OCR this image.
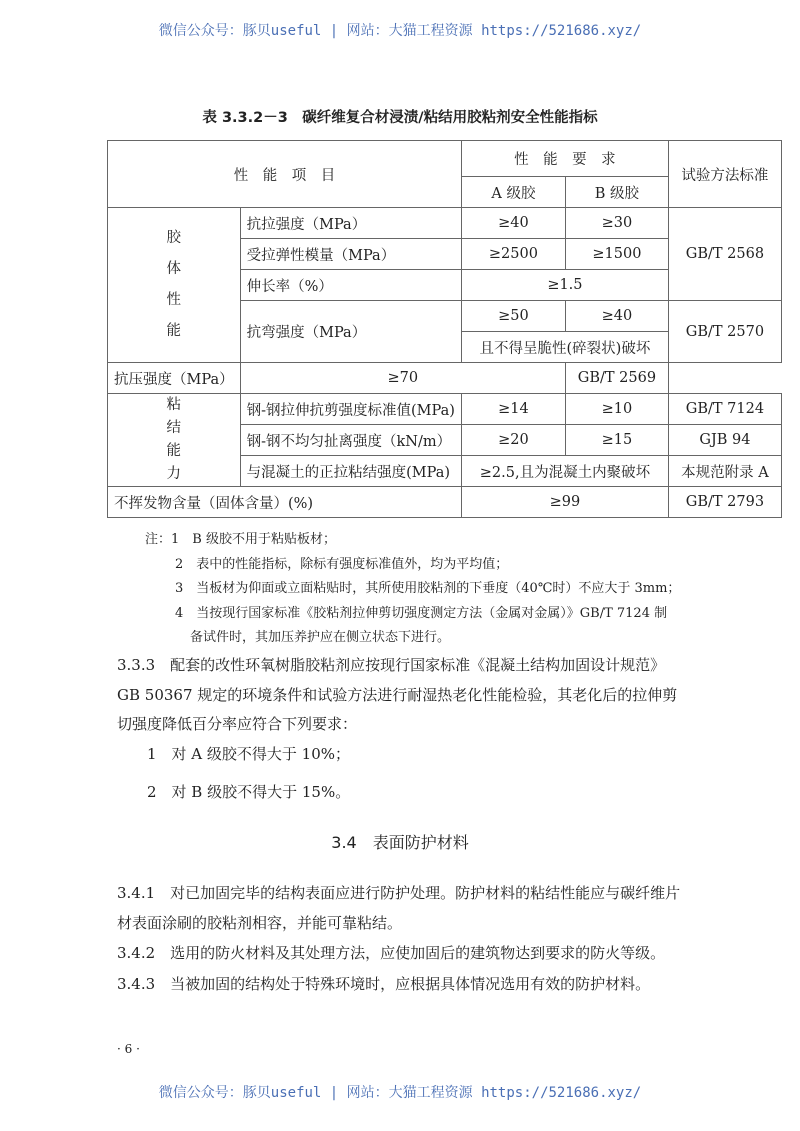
微信公众号：豚贝useful | 网站：大猫工程资源 https://521686.xyz/
表 3.3.2－3　碳纤维复合材浸渍/粘结用胶粘剂安全性能指标
性　能　项　目		性　能　要　求		试验方法标准
		A 级胶	B 级胶	
胶
体
性
能	抗拉强度（MPa）	≥40	≥30	GB/T 2568
	受拉弹性模量（MPa）	≥2500	≥1500	
	伸长率（%）	≥1.5		
	抗弯强度（MPa）	≥50	≥40	GB/T 2570
		且不得呈脆性(碎裂状)破坏		
抗压强度（MPa）	≥70		GB/T 2569	
粘
结
能
力	钢-钢拉伸抗剪强度标准值(MPa)	≥14	≥10	GB/T 7124
	钢-钢不均匀扯离强度（kN/m）	≥20	≥15	GJB 94
	与混凝土的正拉粘结强度(MPa)	≥2.5,且为混凝土内聚破坏		本规范附录 A
不挥发物含量（固体含量）(%)		≥99		GB/T 2793
注：1　B 级胶不用于粘贴板材；
2　表中的性能指标，除标有强度标准值外，均为平均值；
3　当板材为仰面或立面粘贴时，其所使用胶粘剂的下垂度（40℃时）不应大于 3mm；
4　当按现行国家标准《胶粘剂拉伸剪切强度测定方法（金属对金属）》GB/T 7124 制
备试件时，其加压养护应在侧立状态下进行。
3.3.3　配套的改性环氧树脂胶粘剂应按现行国家标准《混凝土结构加固设计规范》GB 50367 规定的环境条件和试验方法进行耐湿热老化性能检验，其老化后的拉伸剪切强度降低百分率应符合下列要求：
1　对 A 级胶不得大于 10%；
2　对 B 级胶不得大于 15%。
3.4　表面防护材料
3.4.1　对已加固完毕的结构表面应进行防护处理。防护材料的粘结性能应与碳纤维片材表面涂刷的胶粘剂相容，并能可靠粘结。
3.4.2　选用的防火材料及其处理方法，应使加固后的建筑物达到要求的防火等级。
3.4.3　当被加固的结构处于特殊环境时，应根据具体情况选用有效的防护材料。
· 6 ·
微信公众号：豚贝useful | 网站：大猫工程资源 https://521686.xyz/
